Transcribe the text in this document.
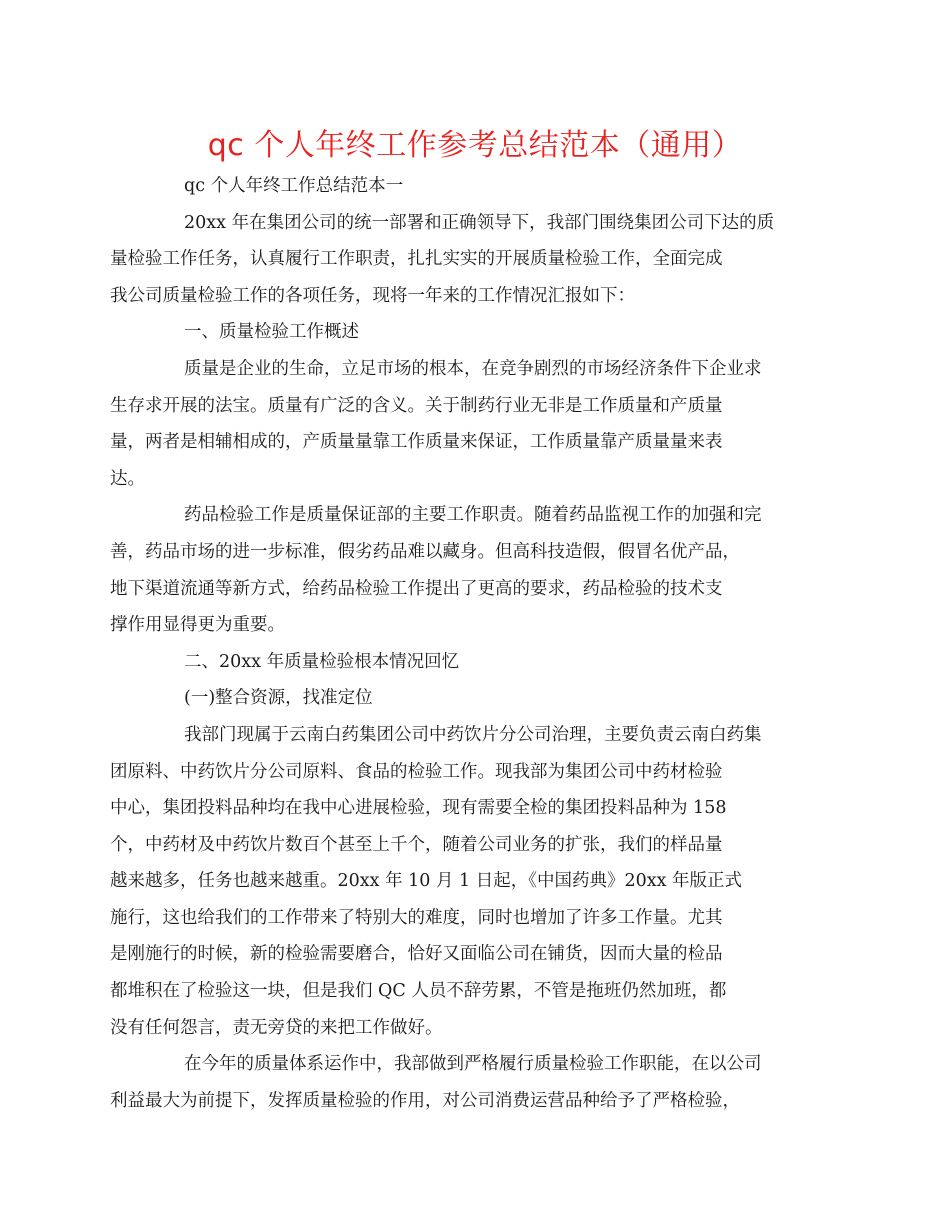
qc 个人年终工作参考总结范本（通用）
qc 个人年终工作总结范本一
20xx 年在集团公司的统一部署和正确领导下，我部门围绕集团公司下达的质
量检验工作任务，认真履行工作职责，扎扎实实的开展质量检验工作，全面完成
我公司质量检验工作的各项任务，现将一年来的工作情况汇报如下：
一、质量检验工作概述
质量是企业的生命，立足市场的根本，在竞争剧烈的市场经济条件下企业求
生存求开展的法宝。质量有广泛的含义。关于制药行业无非是工作质量和产质量
量，两者是相辅相成的，产质量量靠工作质量来保证，工作质量靠产质量量来表
达。
药品检验工作是质量保证部的主要工作职责。随着药品监视工作的加强和完
善，药品市场的进一步标准，假劣药品难以藏身。但高科技造假，假冒名优产品，
地下渠道流通等新方式，给药品检验工作提出了更高的要求，药品检验的技术支
撑作用显得更为重要。
二、20xx 年质量检验根本情况回忆
(一)整合资源，找准定位
我部门现属于云南白药集团公司中药饮片分公司治理，主要负责云南白药集
团原料、中药饮片分公司原料、食品的检验工作。现我部为集团公司中药材检验
中心，集团投料品种均在我中心进展检验，现有需要全检的集团投料品种为 158
个，中药材及中药饮片数百个甚至上千个，随着公司业务的扩张，我们的样品量
越来越多，任务也越来越重。20xx 年 10 月 1 日起，《中国药典》20xx 年版正式
施行，这也给我们的工作带来了特别大的难度，同时也增加了许多工作量。尤其
是刚施行的时候，新的检验需要磨合，恰好又面临公司在铺货，因而大量的检品
都堆积在了检验这一块，但是我们 QC 人员不辞劳累，不管是拖班仍然加班，都
没有任何怨言，责无旁贷的来把工作做好。
在今年的质量体系运作中，我部做到严格履行质量检验工作职能，在以公司
利益最大为前提下，发挥质量检验的作用，对公司消费运营品种给予了严格检验，
